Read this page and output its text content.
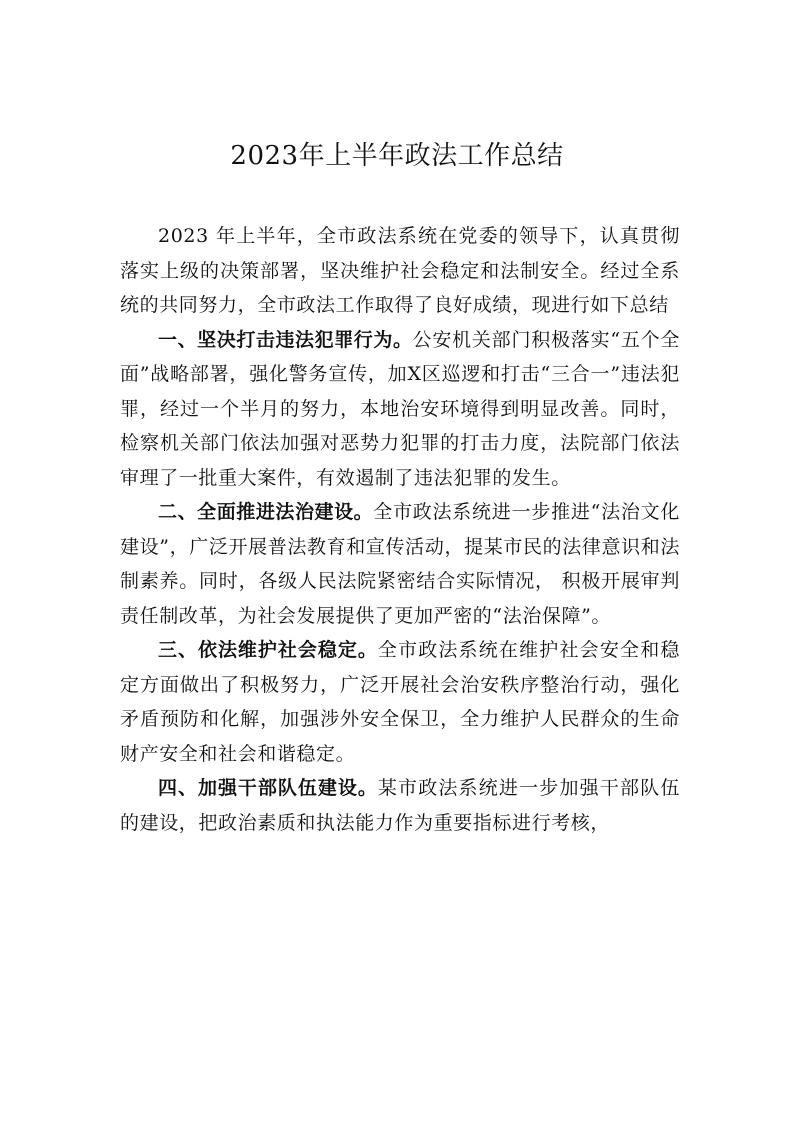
2023年上半年政法工作总结

2023 年上半年，全市政法系统在党委的领导下，认真贯彻落实上级的决策部署，坚决维护社会稳定和法制安全。经过全系统的共同努力，全市政法工作取得了良好成绩，现进行如下总结

一、坚决打击违法犯罪行为。公安机关部门积极落实“五个全面”战略部署，强化警务宣传，加X区巡逻和打击“三合一”违法犯罪，经过一个半月的努力，本地治安环境得到明显改善。同时，检察机关部门依法加强对恶势力犯罪的打击力度，法院部门依法审理了一批重大案件，有效遏制了违法犯罪的发生。

二、全面推进法治建设。全市政法系统进一步推进“法治文化建设”，广泛开展普法教育和宣传活动，提某市民的法律意识和法制素养。同时，各级人民法院紧密结合实际情况， 积极开展审判责任制改革，为社会发展提供了更加严密的“法治保障”。

三、依法维护社会稳定。全市政法系统在维护社会安全和稳定方面做出了积极努力，广泛开展社会治安秩序整治行动，强化矛盾预防和化解，加强涉外安全保卫，全力维护人民群众的生命财产安全和社会和谐稳定。

四、加强干部队伍建设。某市政法系统进一步加强干部队伍的建设，把政治素质和执法能力作为重要指标进行考核，
